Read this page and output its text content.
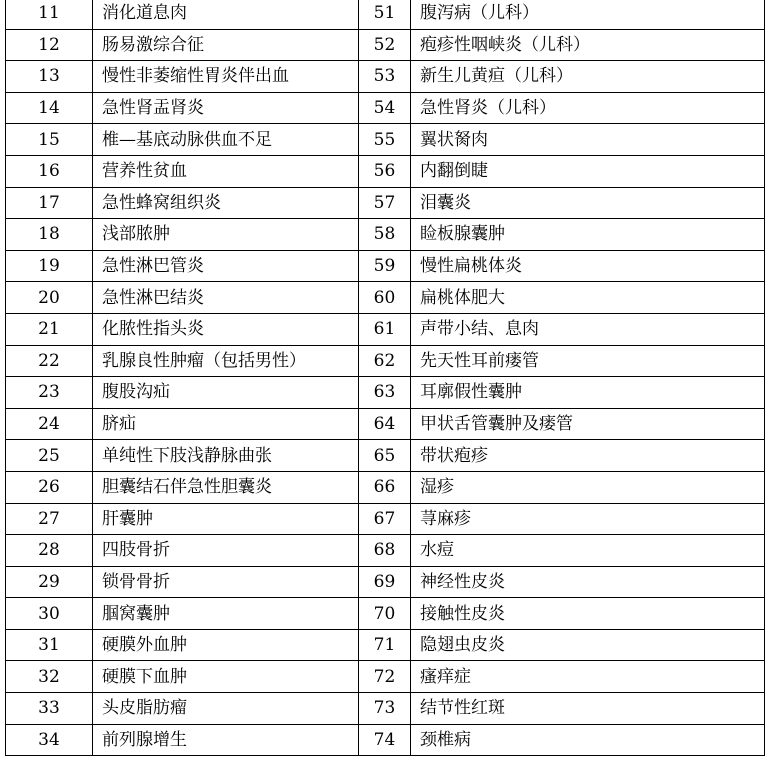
11	消化道息肉	51	腹泻病（儿科）
12	肠易激综合征	52	疱疹性咽峡炎（儿科）
13	慢性非萎缩性胃炎伴出血	53	新生儿黄疸（儿科）
14	急性肾盂肾炎	54	急性肾炎（儿科）
15	椎—基底动脉供血不足	55	翼状胬肉
16	营养性贫血	56	内翻倒睫
17	急性蜂窝组织炎	57	泪囊炎
18	浅部脓肿	58	睑板腺囊肿
19	急性淋巴管炎	59	慢性扁桃体炎
20	急性淋巴结炎	60	扁桃体肥大
21	化脓性指头炎	61	声带小结、息肉
22	乳腺良性肿瘤（包括男性）	62	先天性耳前瘘管
23	腹股沟疝	63	耳廓假性囊肿
24	脐疝	64	甲状舌管囊肿及瘘管
25	单纯性下肢浅静脉曲张	65	带状疱疹
26	胆囊结石伴急性胆囊炎	66	湿疹
27	肝囊肿	67	荨麻疹
28	四肢骨折	68	水痘
29	锁骨骨折	69	神经性皮炎
30	腘窝囊肿	70	接触性皮炎
31	硬膜外血肿	71	隐翅虫皮炎
32	硬膜下血肿	72	瘙痒症
33	头皮脂肪瘤	73	结节性红斑
34	前列腺增生	74	颈椎病
